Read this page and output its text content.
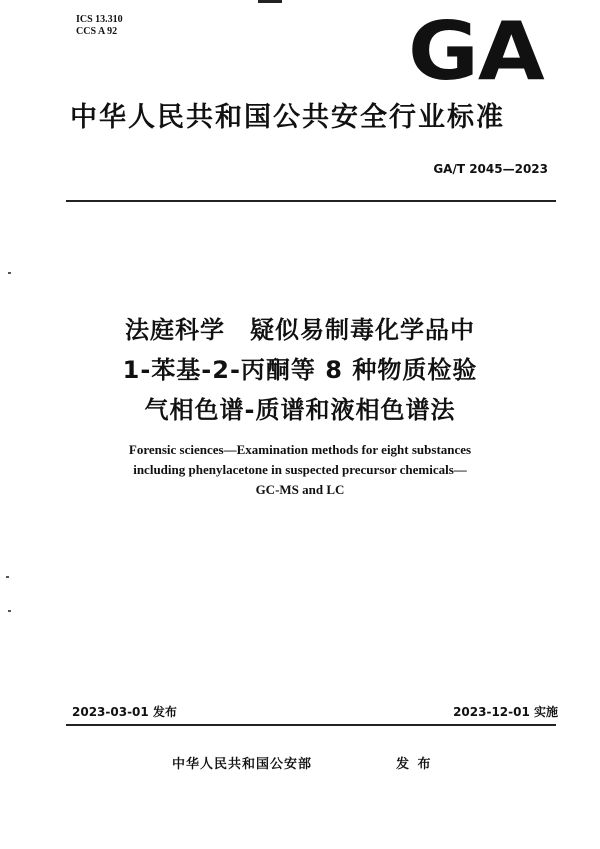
ICS 13.310
CCS A 92	GA
中华人民共和国公共安全行业标准
GA/T 2045—2023
法庭科学　疑似易制毒化学品中
1-苯基-2-丙酮等 8 种物质检验
气相色谱-质谱和液相色谱法
Forensic sciences—Examination methods for eight substances
including phenylacetone in suspected precursor chemicals—
GC-MS and LC
2023-03-01 发布	2023-12-01 实施
中华人民共和国公安部	发 布
